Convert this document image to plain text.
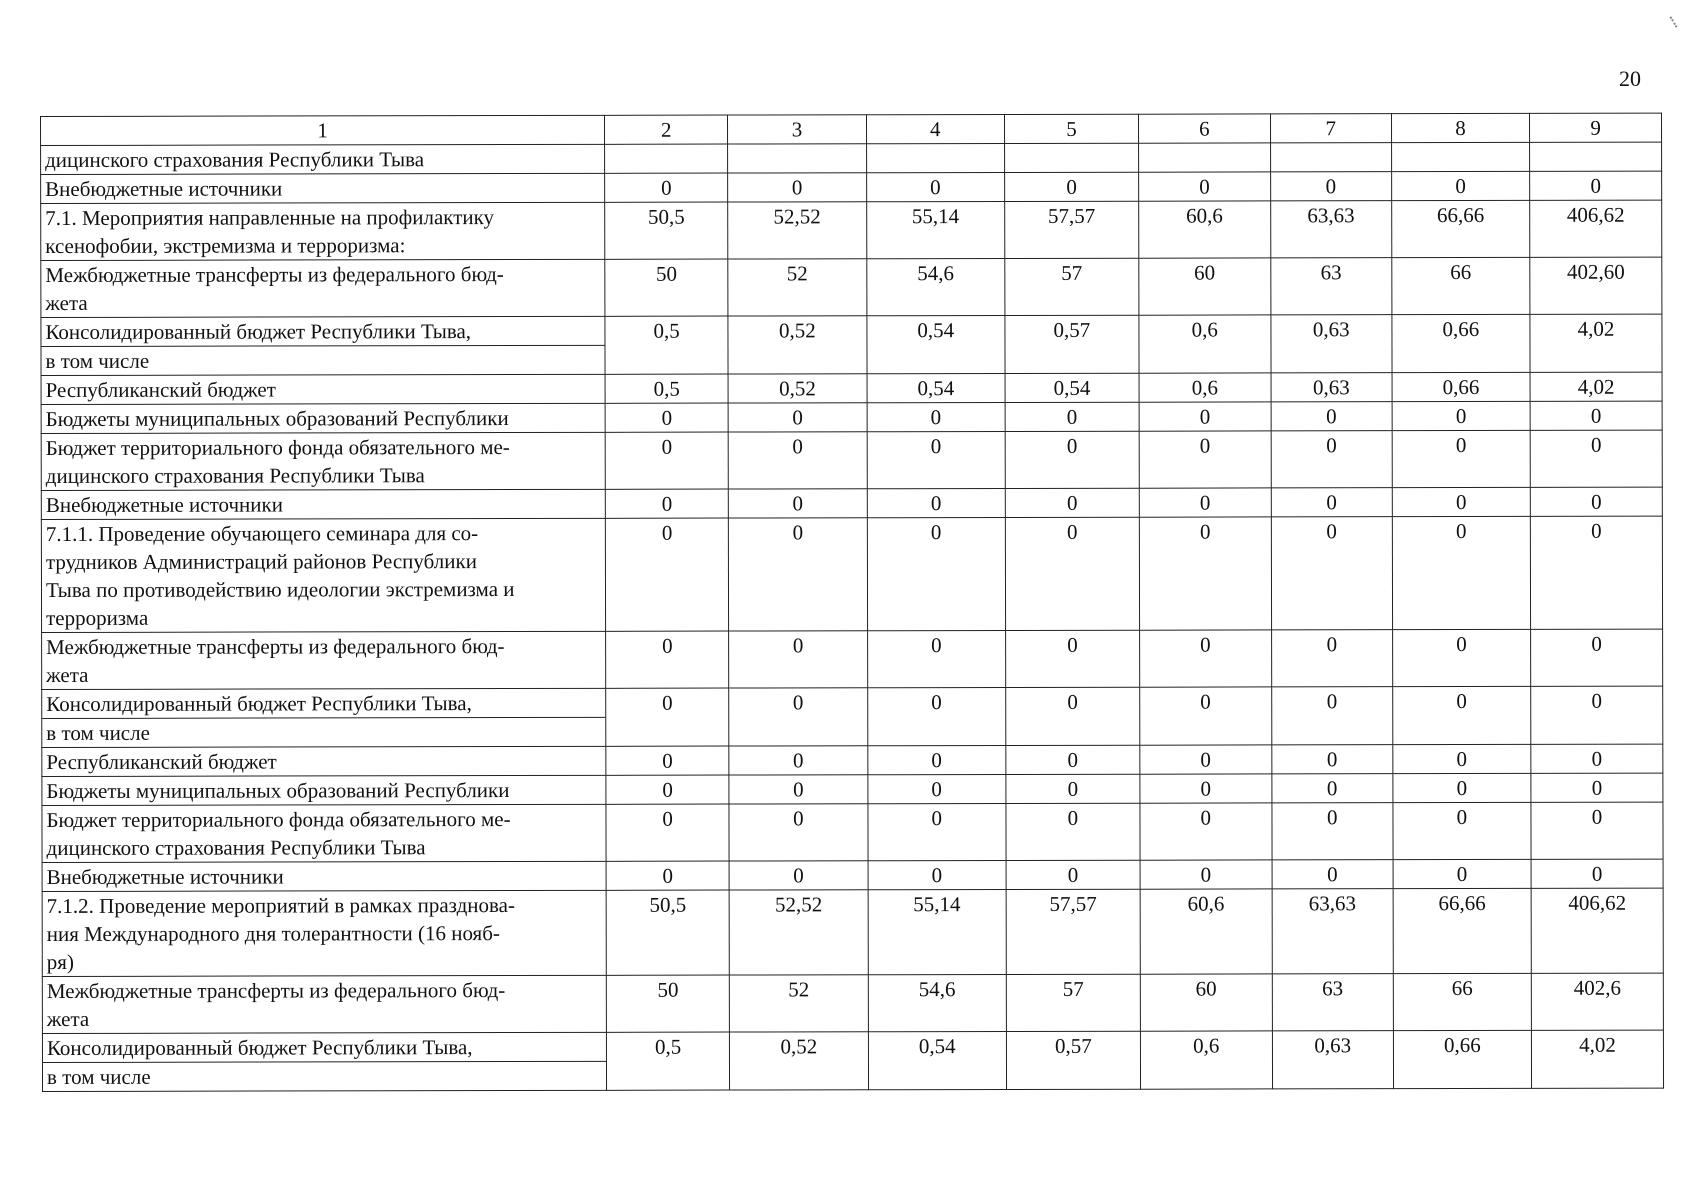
20
1	2	3	4	5	6	7	8	9

дицинского страхования Республики Тыва								

Внебюджетные источники	0	0	0	0	0	0	0	0

7.1. Мероприятия направленные на профилактику
ксенофобии, экстремизма и терроризма:	50,5	52,52	55,14	57,57	60,6	63,63	66,66	406,62

Межбюджетные трансферты из федерального бюд-
жета	50	52	54,6	57	60	63	66	402,60

Консолидированный бюджет Республики Тыва,
в том числе	0,5	0,52	0,54	0,57	0,6	0,63	0,66	4,02

Республиканский бюджет	0,5	0,52	0,54	0,54	0,6	0,63	0,66	4,02

Бюджеты муниципальных образований Республики	0	0	0	0	0	0	0	0

Бюджет территориального фонда обязательного ме-
дицинского страхования Республики Тыва	0	0	0	0	0	0	0	0

Внебюджетные источники	0	0	0	0	0	0	0	0

7.1.1. Проведение обучающего семинара для со-
трудников Администраций районов Республики
Тыва по противодействию идеологии экстремизма и
терроризма	0	0	0	0	0	0	0	0

Межбюджетные трансферты из федерального бюд-
жета	0	0	0	0	0	0	0	0

Консолидированный бюджет Республики Тыва,
в том числе	0	0	0	0	0	0	0	0

Республиканский бюджет	0	0	0	0	0	0	0	0

Бюджеты муниципальных образований Республики	0	0	0	0	0	0	0	0

Бюджет территориального фонда обязательного ме-
дицинского страхования Республики Тыва	0	0	0	0	0	0	0	0

Внебюджетные источники	0	0	0	0	0	0	0	0

7.1.2. Проведение мероприятий в рамках празднова-
ния Международного дня толерантности (16 нояб-
ря)	50,5	52,52	55,14	57,57	60,6	63,63	66,66	406,62

Межбюджетные трансферты из федерального бюд-
жета	50	52	54,6	57	60	63	66	402,6

Консолидированный бюджет Республики Тыва,
в том числе	0,5	0,52	0,54	0,57	0,6	0,63	0,66	4,02
